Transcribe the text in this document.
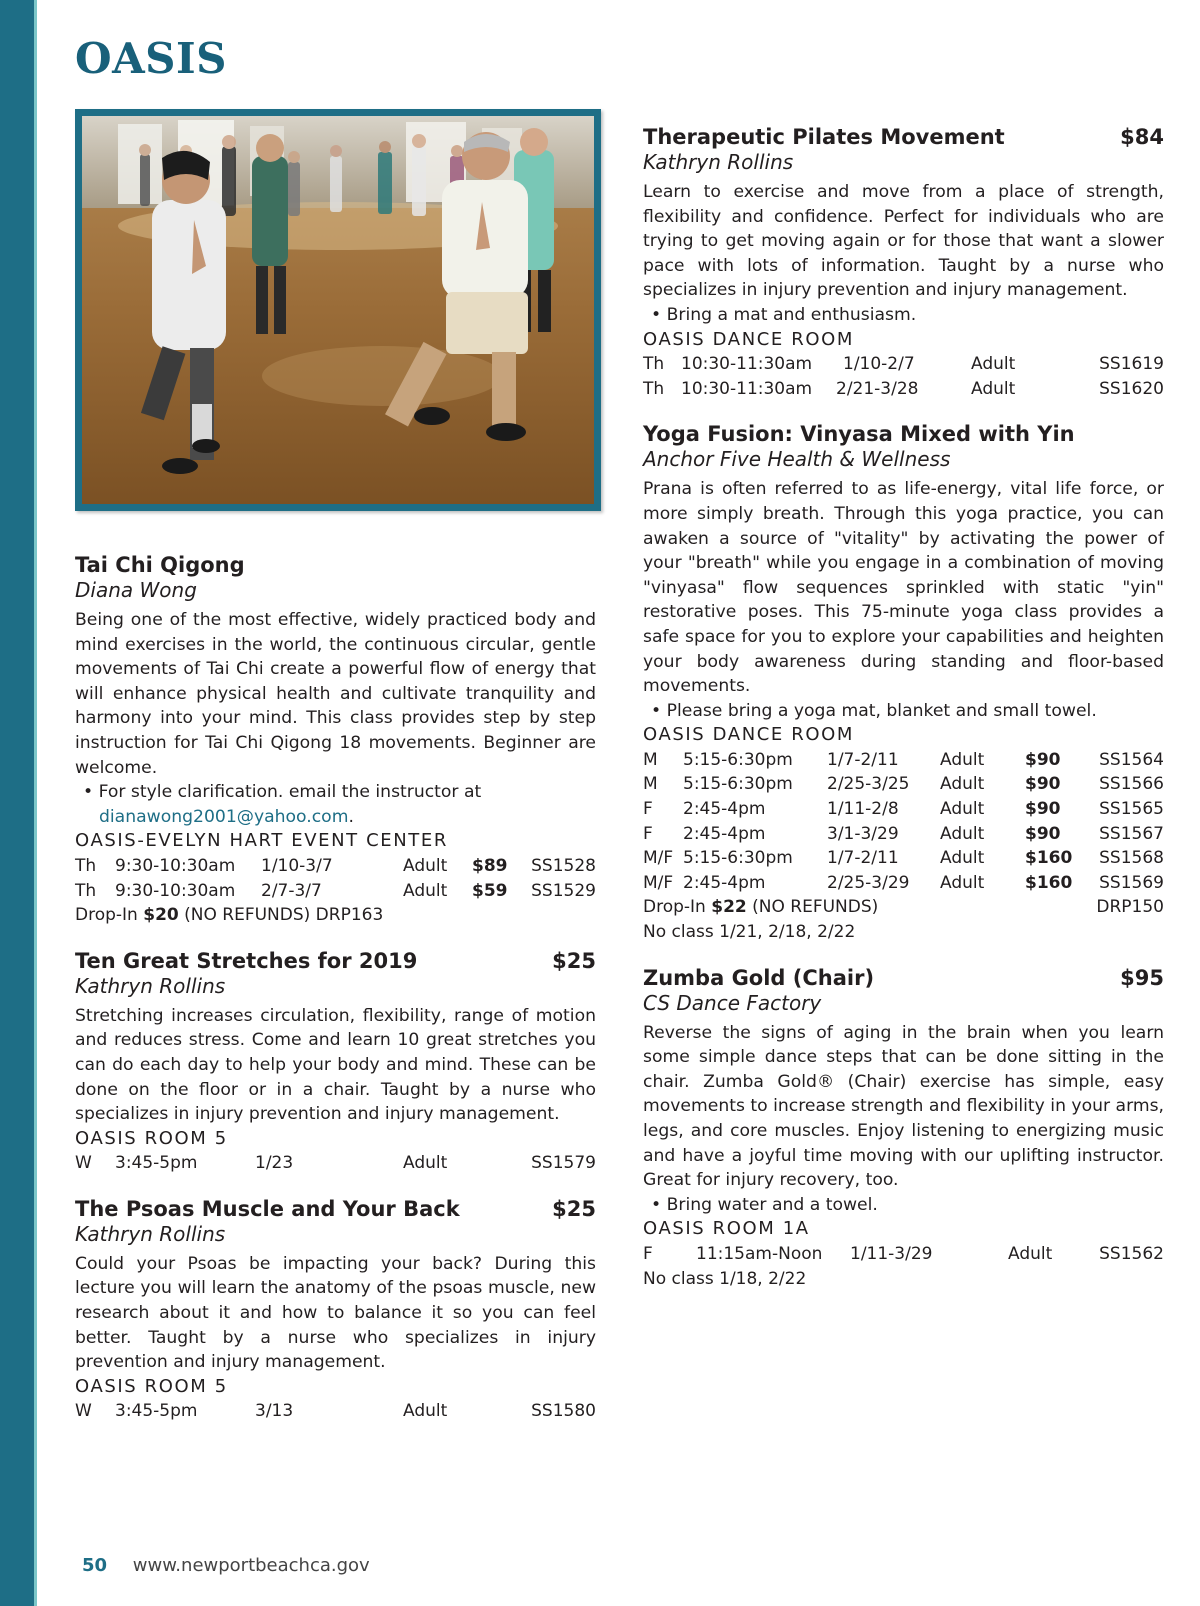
OASIS
Tai Chi Qigong
Diana Wong

Being one of the most effective, widely practiced body and mind exercises in the world, the continuous circular, gentle movements of Tai Chi create a powerful flow of energy that will enhance physical health and cultivate tranquility and harmony into your mind. This class provides step by step instruction for Tai Chi Qigong 18 movements. Beginner are welcome.

• For style clarification. email the instructor at
dianawong2001@yahoo.com.
OASIS-EVELYN HART EVENT CENTER
Th 9:30-10:30am 1/10-3/7	Adult $89 SS1528
Th 9:30-10:30am 2/7-3/7	Adult $59 SS1529
Drop-In $20 (NO REFUNDS) DRP163
Ten Great Stretches for 2019	$25
Kathryn Rollins

Stretching increases circulation, flexibility, range of motion and reduces stress. Come and learn 10 great stretches you can do each day to help your body and mind. These can be done on the floor or in a chair. Taught by a nurse who specializes in injury prevention and injury management.

OASIS ROOM 5
W 3:45-5pm	1/23	Adult	SS1579
The Psoas Muscle and Your Back	$25
Kathryn Rollins

Could your Psoas be impacting your back? During this lecture you will learn the anatomy of the psoas muscle, new research about it and how to balance it so you can feel better. Taught by a nurse who specializes in injury prevention and injury management.

OASIS ROOM 5
W 3:45-5pm	3/13	Adult	SS1580
Therapeutic Pilates Movement	$84
Kathryn Rollins

Learn to exercise and move from a place of strength, flexibility and confidence. Perfect for individuals who are trying to get moving again or for those that want a slower pace with lots of information. Taught by a nurse who specializes in injury prevention and injury management.

• Bring a mat and enthusiasm.
OASIS DANCE ROOM
Th 10:30-11:30am 1/10-2/7	Adult	SS1619
Th 10:30-11:30am 2/21-3/28	Adult	SS1620
Yoga Fusion: Vinyasa Mixed with Yin
Anchor Five Health & Wellness

Prana is often referred to as life-energy, vital life force, or more simply breath. Through this yoga practice, you can awaken a source of "vitality" by activating the power of your "breath" while you engage in a combination of moving "vinyasa" flow sequences sprinkled with static "yin" restorative poses. This 75-minute yoga class provides a safe space for you to explore your capabilities and heighten your body awareness during standing and floor-based movements.

• Please bring a yoga mat, blanket and small towel.
OASIS DANCE ROOM
M 5:15-6:30pm 1/7-2/11 Adult $90 SS1564
M 5:15-6:30pm 2/25-3/25 Adult $90 SS1566
F 2:45-4pm	1/11-2/8 Adult $90 SS1565
F 2:45-4pm	3/1-3/29 Adult $90 SS1567
M/F 5:15-6:30pm 1/7-2/11 Adult $160 SS1568
M/F 2:45-4pm	2/25-3/29 Adult $160 SS1569
Drop-In $22 (NO REFUNDS)	DRP150
No class 1/21, 2/18, 2/22
Zumba Gold (Chair)	$95
CS Dance Factory

Reverse the signs of aging in the brain when you learn some simple dance steps that can be done sitting in the chair. Zumba Gold® (Chair) exercise has simple, easy movements to increase strength and flexibility in your arms, legs, and core muscles. Enjoy listening to energizing music and have a joyful time moving with our uplifting instructor. Great for injury recovery, too.

• Bring water and a towel.
OASIS ROOM 1A
F	11:15am-Noon 1/11-3/29	Adult	SS1562
No class 1/18, 2/22
50 www.newportbeachca.gov
